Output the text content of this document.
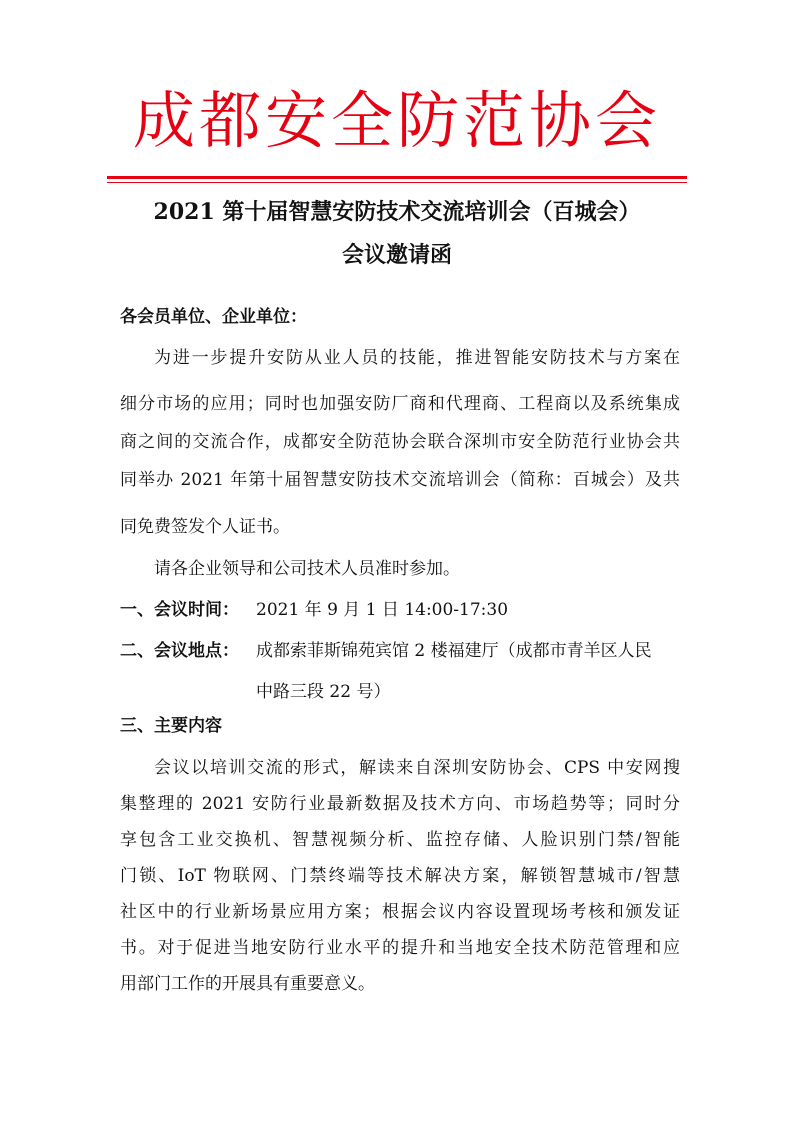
成都安全防范协会
2021 第十届智慧安防技术交流培训会（百城会）
会议邀请函
各会员单位、企业单位：
为进一步提升安防从业人员的技能，推进智能安防技术与方案在
细分市场的应用；同时也加强安防厂商和代理商、工程商以及系统集成
商之间的交流合作，成都安全防范协会联合深圳市安全防范行业协会共
同举办 2021 年第十届智慧安防技术交流培训会（简称：百城会）及共
同免费签发个人证书。
请各企业领导和公司技术人员准时参加。
一、会议时间： 2021 年 9 月 1 日 14:00-17:30
二、会议地点： 成都索菲斯锦苑宾馆 2 楼福建厅（成都市青羊区人民
中路三段 22 号）
三、主要内容
会议以培训交流的形式，解读来自深圳安防协会、CPS 中安网搜
集整理的 2021 安防行业最新数据及技术方向、市场趋势等；同时分
享包含工业交换机、智慧视频分析、监控存储、人脸识别门禁/智能
门锁、IoT 物联网、门禁终端等技术解决方案，解锁智慧城市/智慧
社区中的行业新场景应用方案；根据会议内容设置现场考核和颁发证
书。对于促进当地安防行业水平的提升和当地安全技术防范管理和应
用部门工作的开展具有重要意义。
